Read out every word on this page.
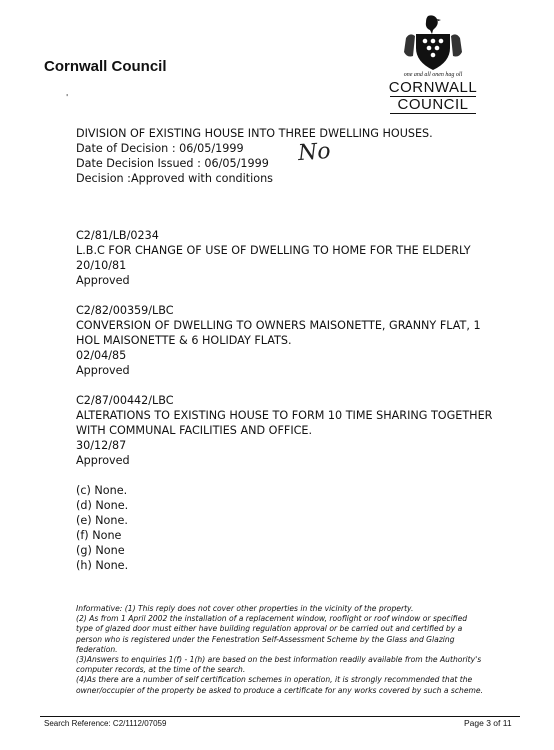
Cornwall Council
'
one and all onen hag oll
CORNWALL
COUNCIL
No

DIVISION OF EXISTING HOUSE INTO THREE DWELLING HOUSES.

Date of Decision : 06/05/1999

Date Decision Issued : 06/05/1999

Decision :Approved with conditions

C2/81/LB/0234

L.B.C FOR CHANGE OF USE OF DWELLING TO HOME FOR THE ELDERLY

20/10/81

Approved

C2/82/00359/LBC

CONVERSION OF DWELLING TO OWNERS MAISONETTE, GRANNY FLAT, 1 HOL MAISONETTE & 6 HOLIDAY FLATS.

02/04/85

Approved

C2/87/00442/LBC

ALTERATIONS TO EXISTING HOUSE TO FORM 10 TIME SHARING TOGETHER WITH COMMUNAL FACILITIES AND OFFICE.

30/12/87

Approved

(c) None.

(d) None.

(e) None.

(f) None

(g) None

(h) None.

Informative: (1) This reply does not cover other properties in the vicinity of the property.

(2) As from 1 April 2002 the installation of a replacement window, rooflight or roof window or specified type of glazed door must either have building regulation approval or be carried out and certified by a person who is registered under the Fenestration Self-Assessment Scheme by the Glass and Glazing federation.

(3)Answers to enquiries 1(f) - 1(h) are based on the best information readily available from the Authority's computer records, at the time of the search.

(4)As there are a number of self certification schemes in operation, it is strongly recommended that the owner/occupier of the property be asked to produce a certificate for any works covered by such a scheme.

Search Reference: C2/1112/07059	Page 3 of 11
